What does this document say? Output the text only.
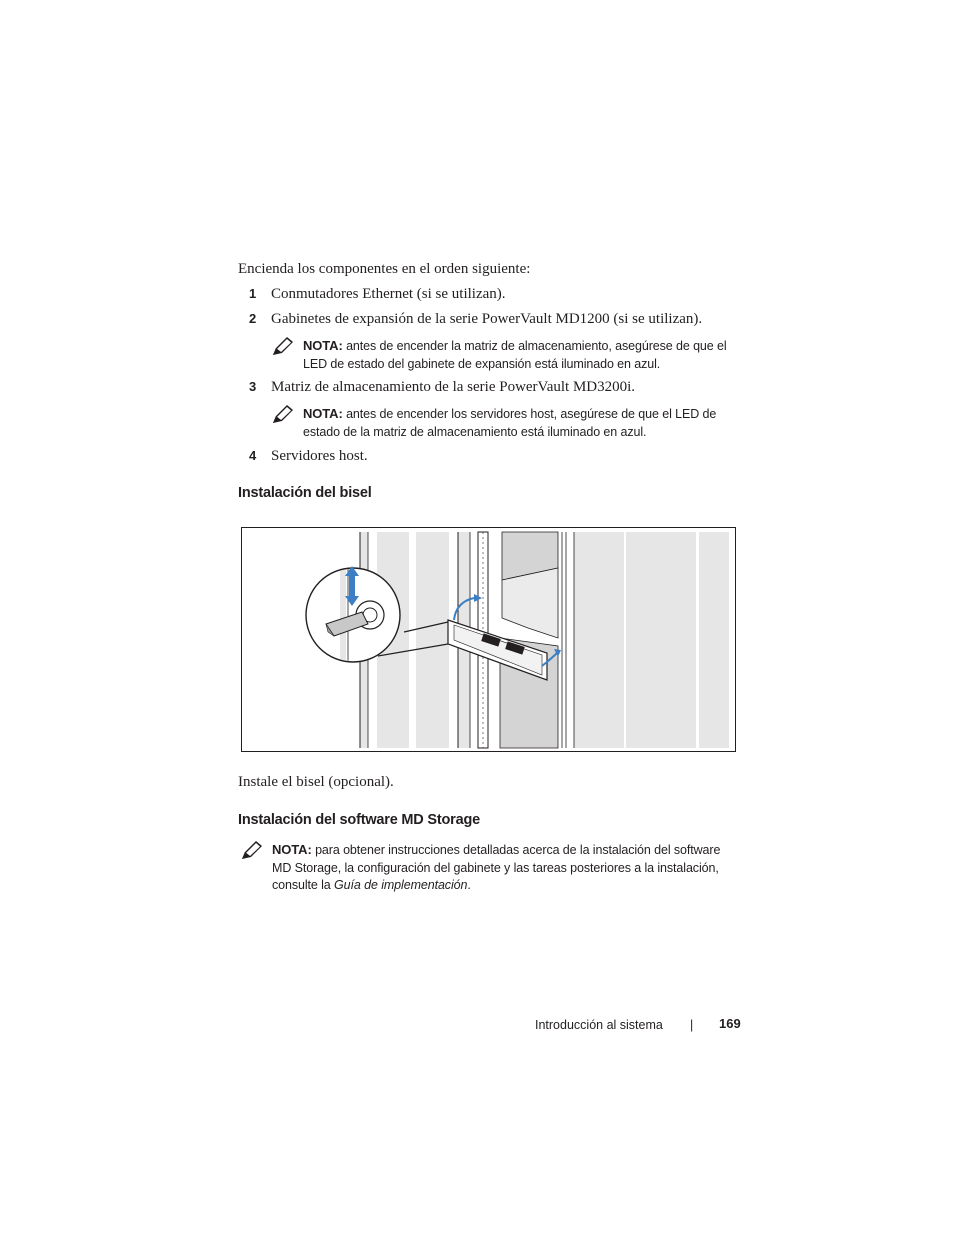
Encienda los componentes en el orden siguiente:
1 Conmutadores Ethernet (si se utilizan).
2 Gabinetes de expansión de la serie PowerVault MD1200 (si se utilizan).
NOTA: antes de encender la matriz de almacenamiento, asegúrese de que el
LED de estado del gabinete de expansión está iluminado en azul.
3 Matriz de almacenamiento de la serie PowerVault MD3200i.
NOTA: antes de encender los servidores host, asegúrese de que el LED de
estado de la matriz de almacenamiento está iluminado en azul.
4 Servidores host.
Instalación del bisel
Instale el bisel (opcional).
Instalación del software MD Storage
NOTA: para obtener instrucciones detalladas acerca de la instalación del software
MD Storage, la configuración del gabinete y las tareas posteriores a la instalación,
consulte la Guía de implementación.
Introducción al sistema | 169
